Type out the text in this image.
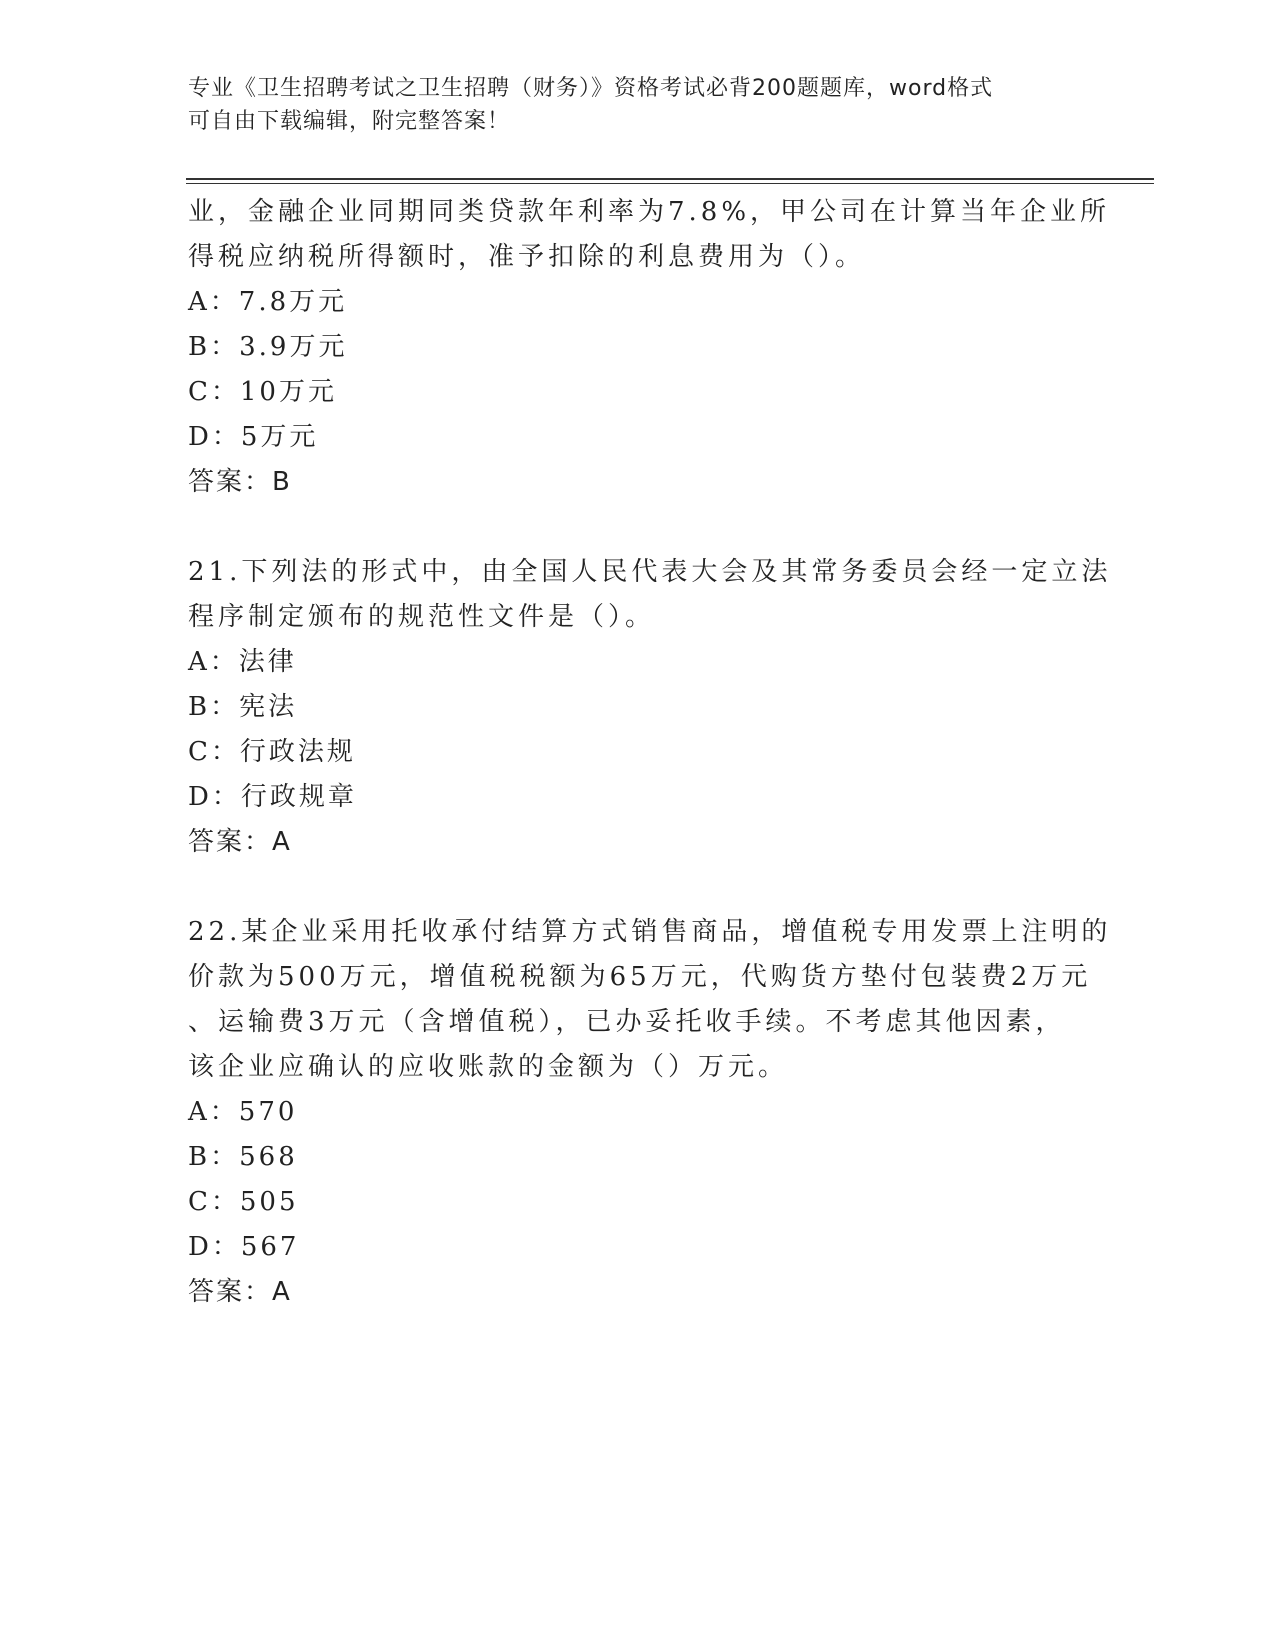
专业《卫生招聘考试之卫生招聘（财务）》资格考试必背200题题库，word格式
可自由下载编辑，附完整答案！
业，金融企业同期同类贷款年利率为7.8%，甲公司在计算当年企业所
得税应纳税所得额时，准予扣除的利息费用为（）。
A：7.8万元
B：3.9万元
C：10万元
D：5万元
答案：B
21.下列法的形式中，由全国人民代表大会及其常务委员会经一定立法
程序制定颁布的规范性文件是（）。
A：法律
B：宪法
C：行政法规
D：行政规章
答案：A
22.某企业采用托收承付结算方式销售商品，增值税专用发票上注明的
价款为500万元，增值税税额为65万元，代购货方垫付包装费2万元
、运输费3万元（含增值税），已办妥托收手续。不考虑其他因素，
该企业应确认的应收账款的金额为（）万元。
A：570
B：568
C：505
D：567
答案：A
